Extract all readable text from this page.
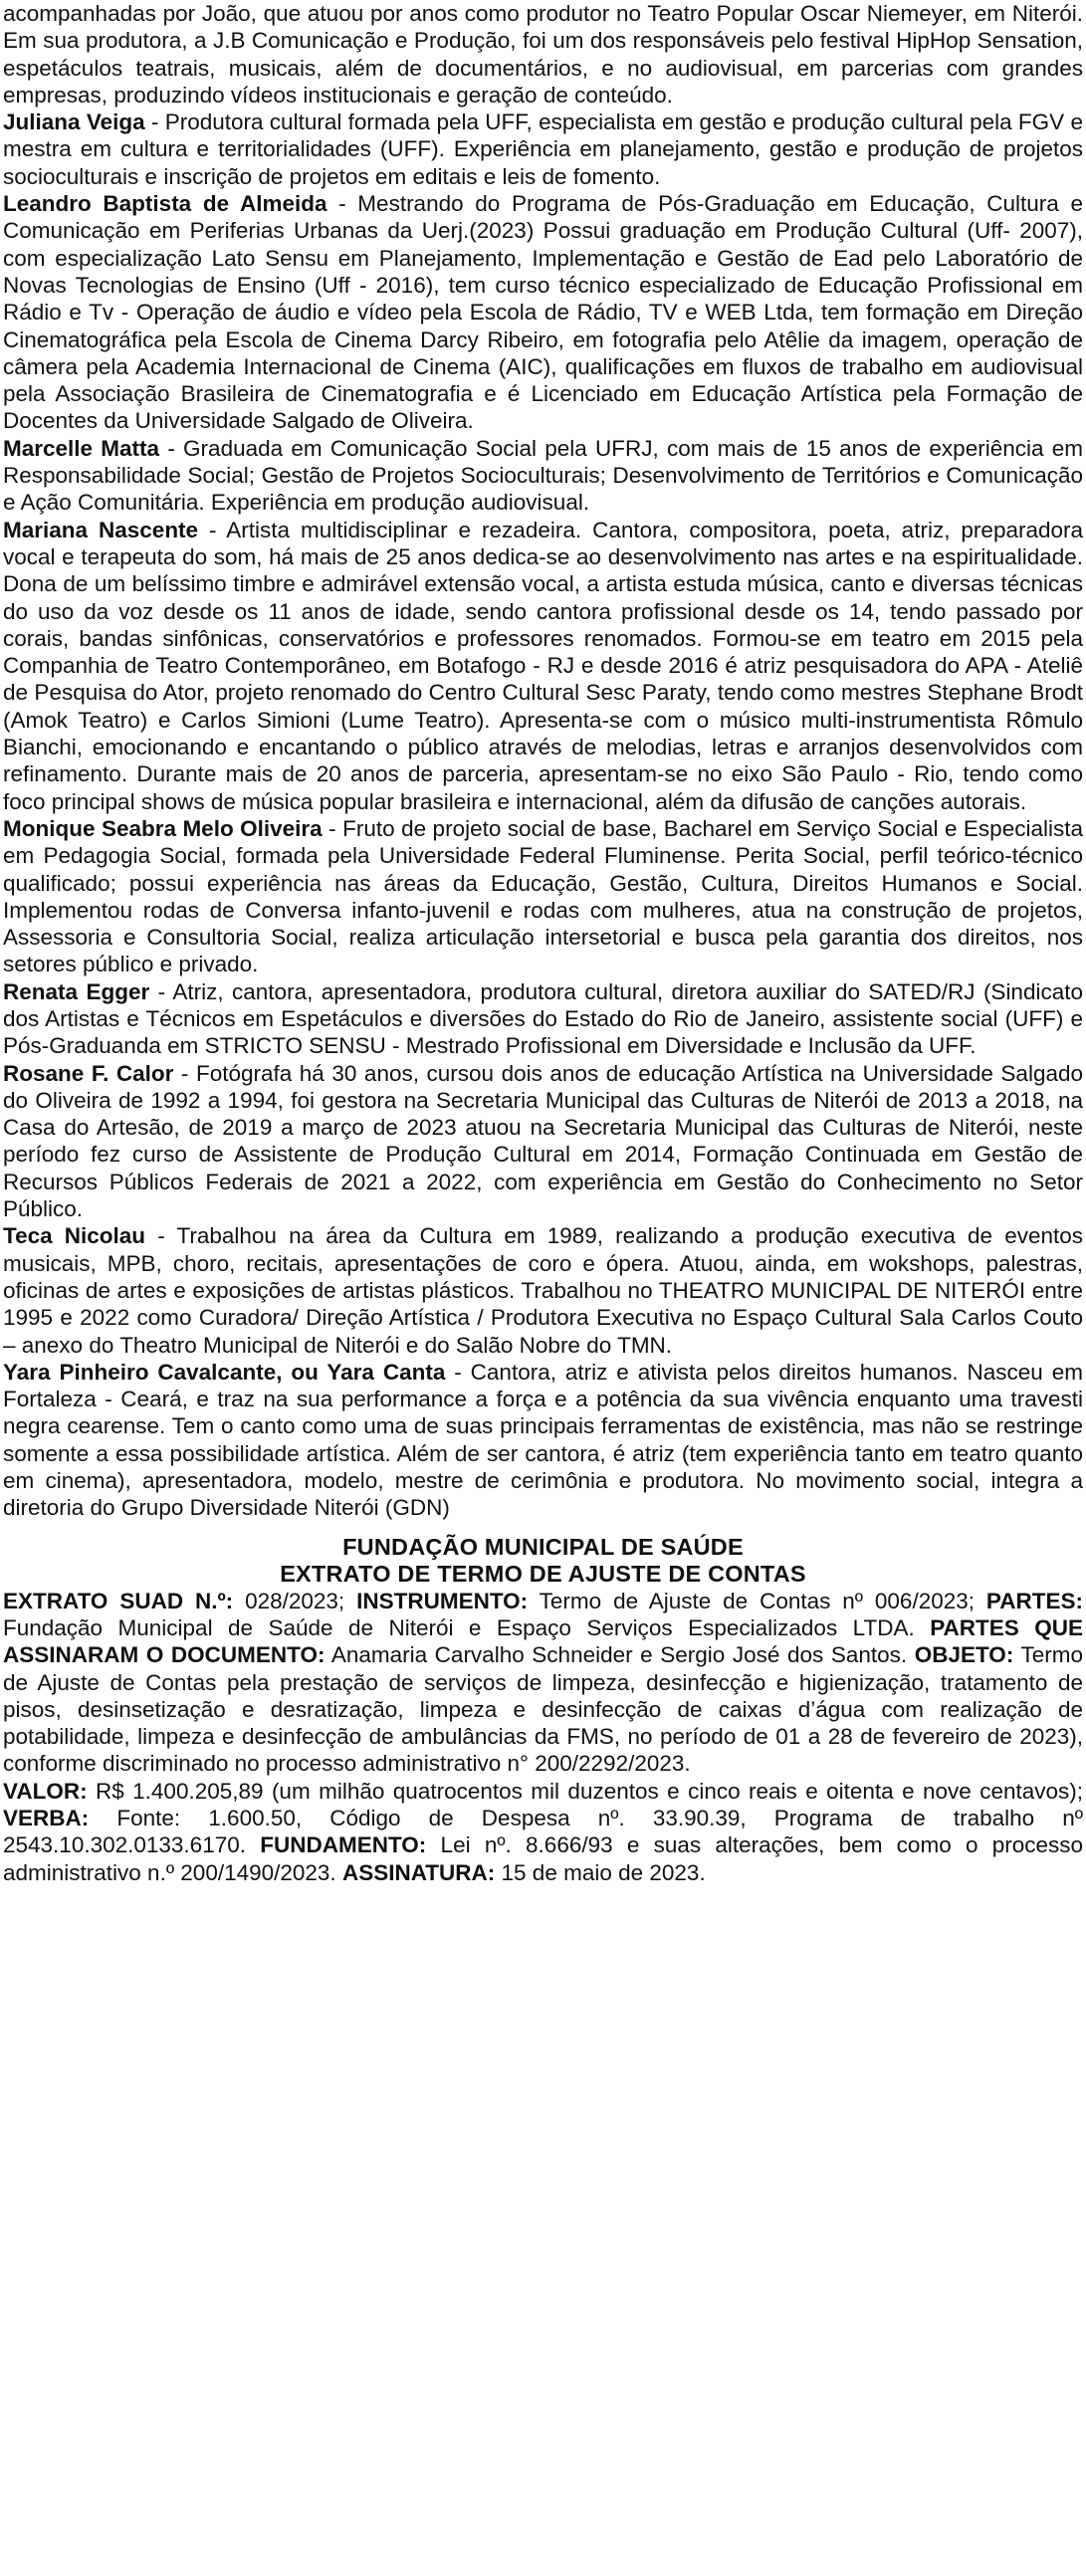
acompanhadas por João, que atuou por anos como produtor no Teatro Popular Oscar Niemeyer, em Niterói. Em sua produtora, a J.B Comunicação e Produção, foi um dos responsáveis pelo festival HipHop Sensation, espetáculos teatrais, musicais, além de documentários, e no audiovisual, em parcerias com grandes empresas, produzindo vídeos institucionais e geração de conteúdo.

Juliana Veiga - Produtora cultural formada pela UFF, especialista em gestão e produção cultural pela FGV e mestra em cultura e territorialidades (UFF). Experiência em planejamento, gestão e produção de projetos socioculturais e inscrição de projetos em editais e leis de fomento.

Leandro Baptista de Almeida - Mestrando do Programa de Pós-Graduação em Educação, Cultura e Comunicação em Periferias Urbanas da Uerj.(2023) Possui graduação em Produção Cultural (Uff- 2007), com especialização Lato Sensu em Planejamento, Implementação e Gestão de Ead pelo Laboratório de Novas Tecnologias de Ensino (Uff - 2016), tem curso técnico especializado de Educação Profissional em Rádio e Tv - Operação de áudio e vídeo pela Escola de Rádio, TV e WEB Ltda, tem formação em Direção Cinematográfica pela Escola de Cinema Darcy Ribeiro, em fotografia pelo Atêlie da imagem, operação de câmera pela Academia Internacional de Cinema (AIC), qualificações em fluxos de trabalho em audiovisual pela Associação Brasileira de Cinematografia e é Licenciado em Educação Artística pela Formação de Docentes da Universidade Salgado de Oliveira.

Marcelle Matta - Graduada em Comunicação Social pela UFRJ, com mais de 15 anos de experiência em Responsabilidade Social; Gestão de Projetos Socioculturais; Desenvolvimento de Territórios e Comunicação e Ação Comunitária. Experiência em produção audiovisual.

Mariana Nascente - Artista multidisciplinar e rezadeira. Cantora, compositora, poeta, atriz, preparadora vocal e terapeuta do som, há mais de 25 anos dedica-se ao desenvolvimento nas artes e na espiritualidade. Dona de um belíssimo timbre e admirável extensão vocal, a artista estuda música, canto e diversas técnicas do uso da voz desde os 11 anos de idade, sendo cantora profissional desde os 14, tendo passado por corais, bandas sinfônicas, conservatórios e professores renomados. Formou-se em teatro em 2015 pela Companhia de Teatro Contemporâneo, em Botafogo - RJ e desde 2016 é atriz pesquisadora do APA - Ateliê de Pesquisa do Ator, projeto renomado do Centro Cultural Sesc Paraty, tendo como mestres Stephane Brodt (Amok Teatro) e Carlos Simioni (Lume Teatro). Apresenta-se com o músico multi-instrumentista Rômulo Bianchi, emocionando e encantando o público através de melodias, letras e arranjos desenvolvidos com refinamento. Durante mais de 20 anos de parceria, apresentam-se no eixo São Paulo - Rio, tendo como foco principal shows de música popular brasileira e internacional, além da difusão de canções autorais.

Monique Seabra Melo Oliveira - Fruto de projeto social de base, Bacharel em Serviço Social e Especialista em Pedagogia Social, formada pela Universidade Federal Fluminense. Perita Social, perfil teórico-técnico qualificado; possui experiência nas áreas da Educação, Gestão, Cultura, Direitos Humanos e Social. Implementou rodas de Conversa infanto-juvenil e rodas com mulheres, atua na construção de projetos, Assessoria e Consultoria Social, realiza articulação intersetorial e busca pela garantia dos direitos, nos setores público e privado.

Renata Egger - Atriz, cantora, apresentadora, produtora cultural, diretora auxiliar do SATED/RJ (Sindicato dos Artistas e Técnicos em Espetáculos e diversões do Estado do Rio de Janeiro, assistente social (UFF) e Pós-Graduanda em STRICTO SENSU - Mestrado Profissional em Diversidade e Inclusão da UFF.

Rosane F. Calor - Fotógrafa há 30 anos, cursou dois anos de educação Artística na Universidade Salgado do Oliveira de 1992 a 1994, foi gestora na Secretaria Municipal das Culturas de Niterói de 2013 a 2018, na Casa do Artesão, de 2019 a março de 2023 atuou na Secretaria Municipal das Culturas de Niterói, neste período fez curso de Assistente de Produção Cultural em 2014, Formação Continuada em Gestão de Recursos Públicos Federais de 2021 a 2022, com experiência em Gestão do Conhecimento no Setor Público.

Teca Nicolau - Trabalhou na área da Cultura em 1989, realizando a produção executiva de eventos musicais, MPB, choro, recitais, apresentações de coro e ópera. Atuou, ainda, em wokshops, palestras, oficinas de artes e exposições de artistas plásticos. Trabalhou no THEATRO MUNICIPAL DE NITERÓI entre 1995 e 2022 como Curadora/ Direção Artística / Produtora Executiva no Espaço Cultural Sala Carlos Couto – anexo do Theatro Municipal de Niterói e do Salão Nobre do TMN.

Yara Pinheiro Cavalcante, ou Yara Canta - Cantora, atriz e ativista pelos direitos humanos. Nasceu em Fortaleza - Ceará, e traz na sua performance a força e a potência da sua vivência enquanto uma travesti negra cearense. Tem o canto como uma de suas principais ferramentas de existência, mas não se restringe somente a essa possibilidade artística. Além de ser cantora, é atriz (tem experiência tanto em teatro quanto em cinema), apresentadora, modelo, mestre de cerimônia e produtora. No movimento social, integra a diretoria do Grupo Diversidade Niterói (GDN)

FUNDAÇÃO MUNICIPAL DE SAÚDE

EXTRATO DE TERMO DE AJUSTE DE CONTAS

EXTRATO SUAD N.º: 028/2023; INSTRUMENTO: Termo de Ajuste de Contas nº 006/2023; PARTES: Fundação Municipal de Saúde de Niterói e Espaço Serviços Especializados LTDA. PARTES QUE ASSINARAM O DOCUMENTO: Anamaria Carvalho Schneider e Sergio José dos Santos. OBJETO: Termo de Ajuste de Contas pela prestação de serviços de limpeza, desinfecção e higienização, tratamento de pisos, desinsetização e desratização, limpeza e desinfecção de caixas d’água com realização de potabilidade, limpeza e desinfecção de ambulâncias da FMS, no período de 01 a 28 de fevereiro de 2023), conforme discriminado no processo administrativo n° 200/2292/2023.

VALOR: R$ 1.400.205,89 (um milhão quatrocentos mil duzentos e cinco reais e oitenta e nove centavos); VERBA: Fonte: 1.600.50, Código de Despesa nº. 33.90.39, Programa de trabalho nº 2543.10.302.0133.6170. FUNDAMENTO: Lei nº. 8.666/93 e suas alterações, bem como o processo administrativo n.º 200/1490/2023. ASSINATURA: 15 de maio de 2023.
